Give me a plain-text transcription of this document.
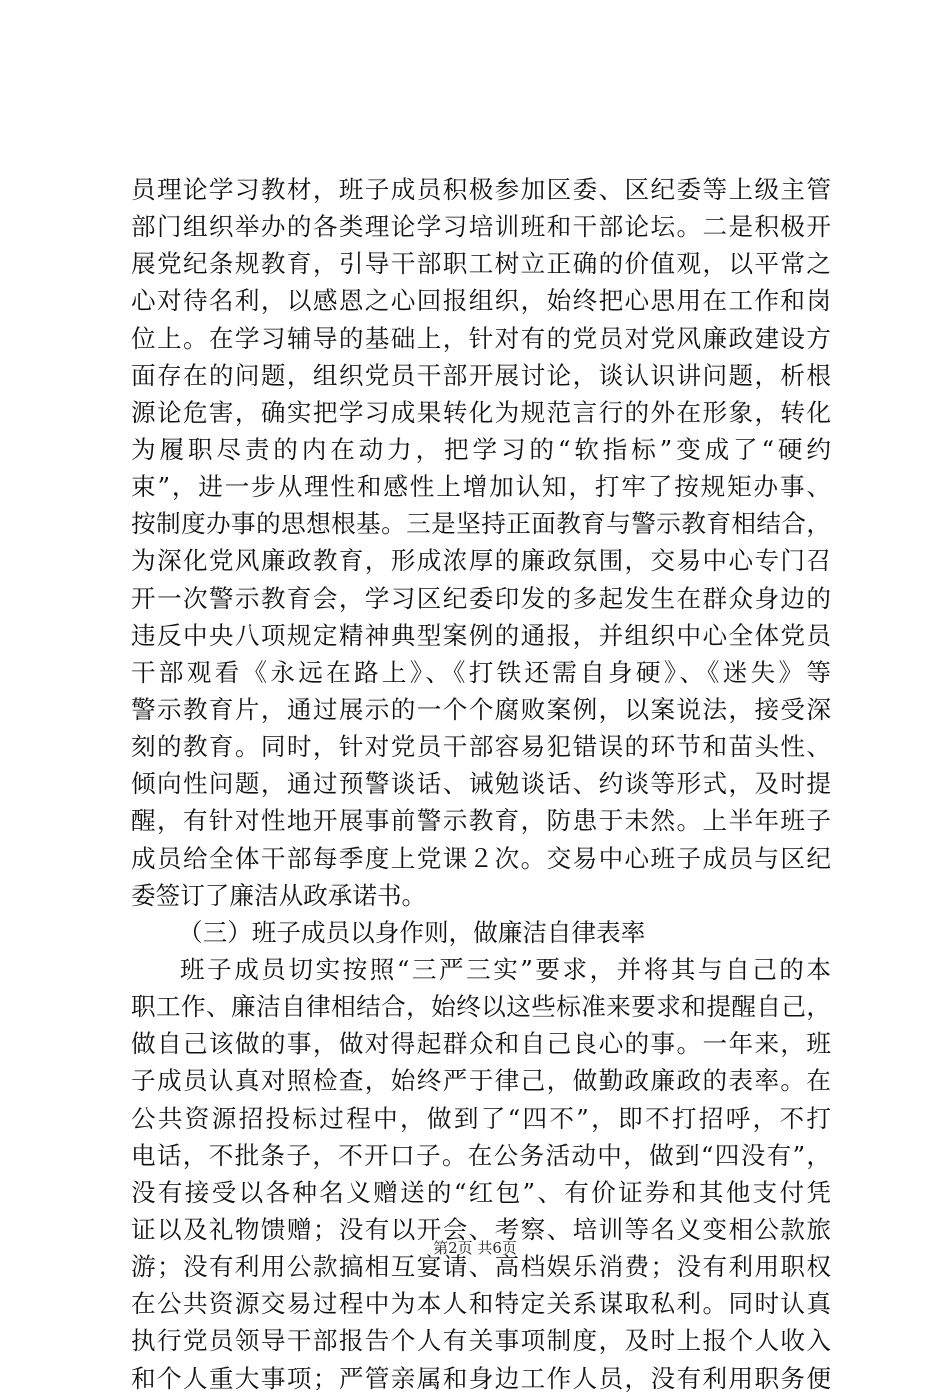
员理论学习教材，班子成员积极参加区委、区纪委等上级主管
部门组织举办的各类理论学习培训班和干部论坛。二是积极开
展党纪条规教育，引导干部职工树立正确的价值观，以平常之
心对待名利，以感恩之心回报组织，始终把心思用在工作和岗
位上。在学习辅导的基础上，针对有的党员对党风廉政建设方
面存在的问题，组织党员干部开展讨论，谈认识讲问题，析根
源论危害，确实把学习成果转化为规范言行的外在形象，转化
为履职尽责的内在动力，把学习的“软指标”变成了“硬约
束”，进一步从理性和感性上增加认知，打牢了按规矩办事、
按制度办事的思想根基。三是坚持正面教育与警示教育相结合，
为深化党风廉政教育，形成浓厚的廉政氛围，交易中心专门召
开一次警示教育会，学习区纪委印发的多起发生在群众身边的
违反中央八项规定精神典型案例的通报，并组织中心全体党员
干部观看《永远在路上》、《打铁还需自身硬》、《迷失》等
警示教育片，通过展示的一个个腐败案例，以案说法，接受深
刻的教育。同时，针对党员干部容易犯错误的环节和苗头性、
倾向性问题，通过预警谈话、诫勉谈话、约谈等形式，及时提
醒，有针对性地开展事前警示教育，防患于未然。上半年班子
成员给全体干部每季度上党课２次。交易中心班子成员与区纪
委签订了廉洁从政承诺书。
（三）班子成员以身作则，做廉洁自律表率
班子成员切实按照“三严三实”要求，并将其与自己的本
职工作、廉洁自律相结合，始终以这些标准来要求和提醒自己，
做自己该做的事，做对得起群众和自己良心的事。一年来，班
子成员认真对照检查，始终严于律己，做勤政廉政的表率。在
公共资源招投标过程中，做到了“四不”，即不打招呼，不打
电话，不批条子，不开口子。在公务活动中，做到“四没有”，
没有接受以各种名义赠送的“红包”、有价证券和其他支付凭
证以及礼物馈赠；没有以开会、考察、培训等名义变相公款旅
游；没有利用公款搞相互宴请、高档娱乐消费；没有利用职权
在公共资源交易过程中为本人和特定关系谋取私利。同时认真
执行党员领导干部报告个人有关事项制度，及时上报个人收入
和个人重大事项；严管亲属和身边工作人员，没有利用职务便
第2页 共6页
